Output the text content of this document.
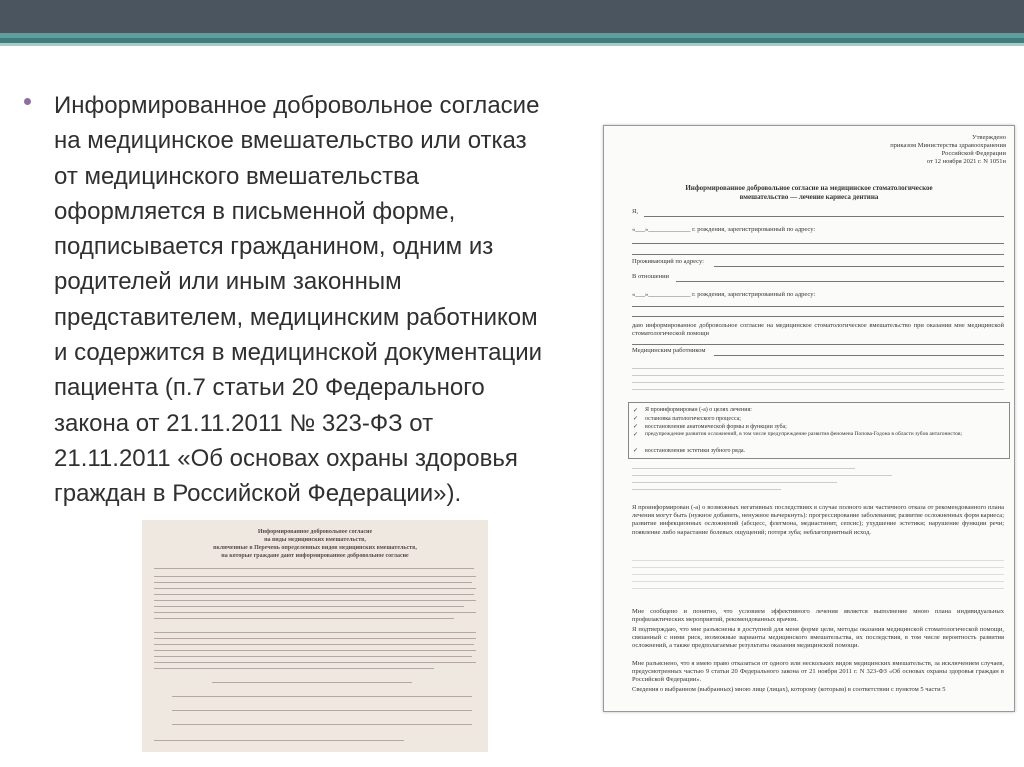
Информированное добровольное согласие
на медицинское вмешательство или отказ
от медицинского вмешательства
оформляется в письменной форме,
подписывается гражданином, одним из
родителей или иным законным
представителем, медицинским работником
и содержится в медицинской документации
пациента (п.7 статьи 20 Федерального
закона от 21.11.2011 № 323-ФЗ от
21.11.2011 «Об основах охраны здоровья
граждан в Российской Федерации»).
Утверждено
приказом Министерства здравоохранения
Российской Федерации
от 12 ноября 2021 г. N 1051н
Информированное добровольное согласие на медицинское стоматологическое
вмешательство — лечение кариеса дентина
Я,
«___»_____________ г. рождения, зарегистрированный по адресу:
Проживающий по адресу:
В отношении
«___»_____________ г. рождения, зарегистрированный по адресу:
даю информированное добровольное согласие на медицинское стоматологическое вмешательство при оказании мне медицинской стоматологической помощи
Медицинским работником
Я проинформирован (-а) о целях лечения:
остановка патологического процесса;
восстановление анатомической формы и функции зуба;
предупреждение развития осложнений, в том числе предупреждение развития феномена Попова-Годона в области зубов антагонистов;
восстановление эстетики зубного ряда.
✓
✓
✓
✓

✓
Я проинформирован (-а) о возможных негативных последствиях в случае полного или частичного отказа от рекомендованного плана лечения могут быть (нужное добавить, ненужное вычеркнуть): прогрессирование заболевания; развитие осложненных форм кариеса; развитие инфекционных осложнений (абсцесс, флегмона, медиастинит, сепсис); ухудшение эстетики; нарушение функции речи; появление либо нарастание болевых ощущений; потеря зуба; неблагоприятный исход.
Мне сообщено и понятно, что условием эффективного лечения является выполнение мною плана индивидуальных профилактических мероприятий, рекомендованных врачом.
Я подтверждаю, что мне разъяснены в доступной для меня форме цели, методы оказания медицинской стоматологической помощи, связанный с ними риск, возможные варианты медицинского вмешательства, их последствия, в том числе вероятность развития осложнений, а также предполагаемые результаты оказания медицинской помощи.
Мне разъяснено, что я имею право отказаться от одного или нескольких видов медицинских вмешательств, за исключением случаев, предусмотренных частью 9 статьи 20 Федерального закона от 21 ноября 2011 г. N 323-ФЗ «Об основах охраны здоровья граждан в Российской Федерации».
Сведения о выбранном (выбранных) мною лице (лицах), которому (которым) в соответствии с пунктом 5 части 5
Информированное добровольное согласие
на виды медицинских вмешательств,
включенные в Перечень определенных видов медицинских вмешательств,
на которые граждане дают информированное добровольное согласие
